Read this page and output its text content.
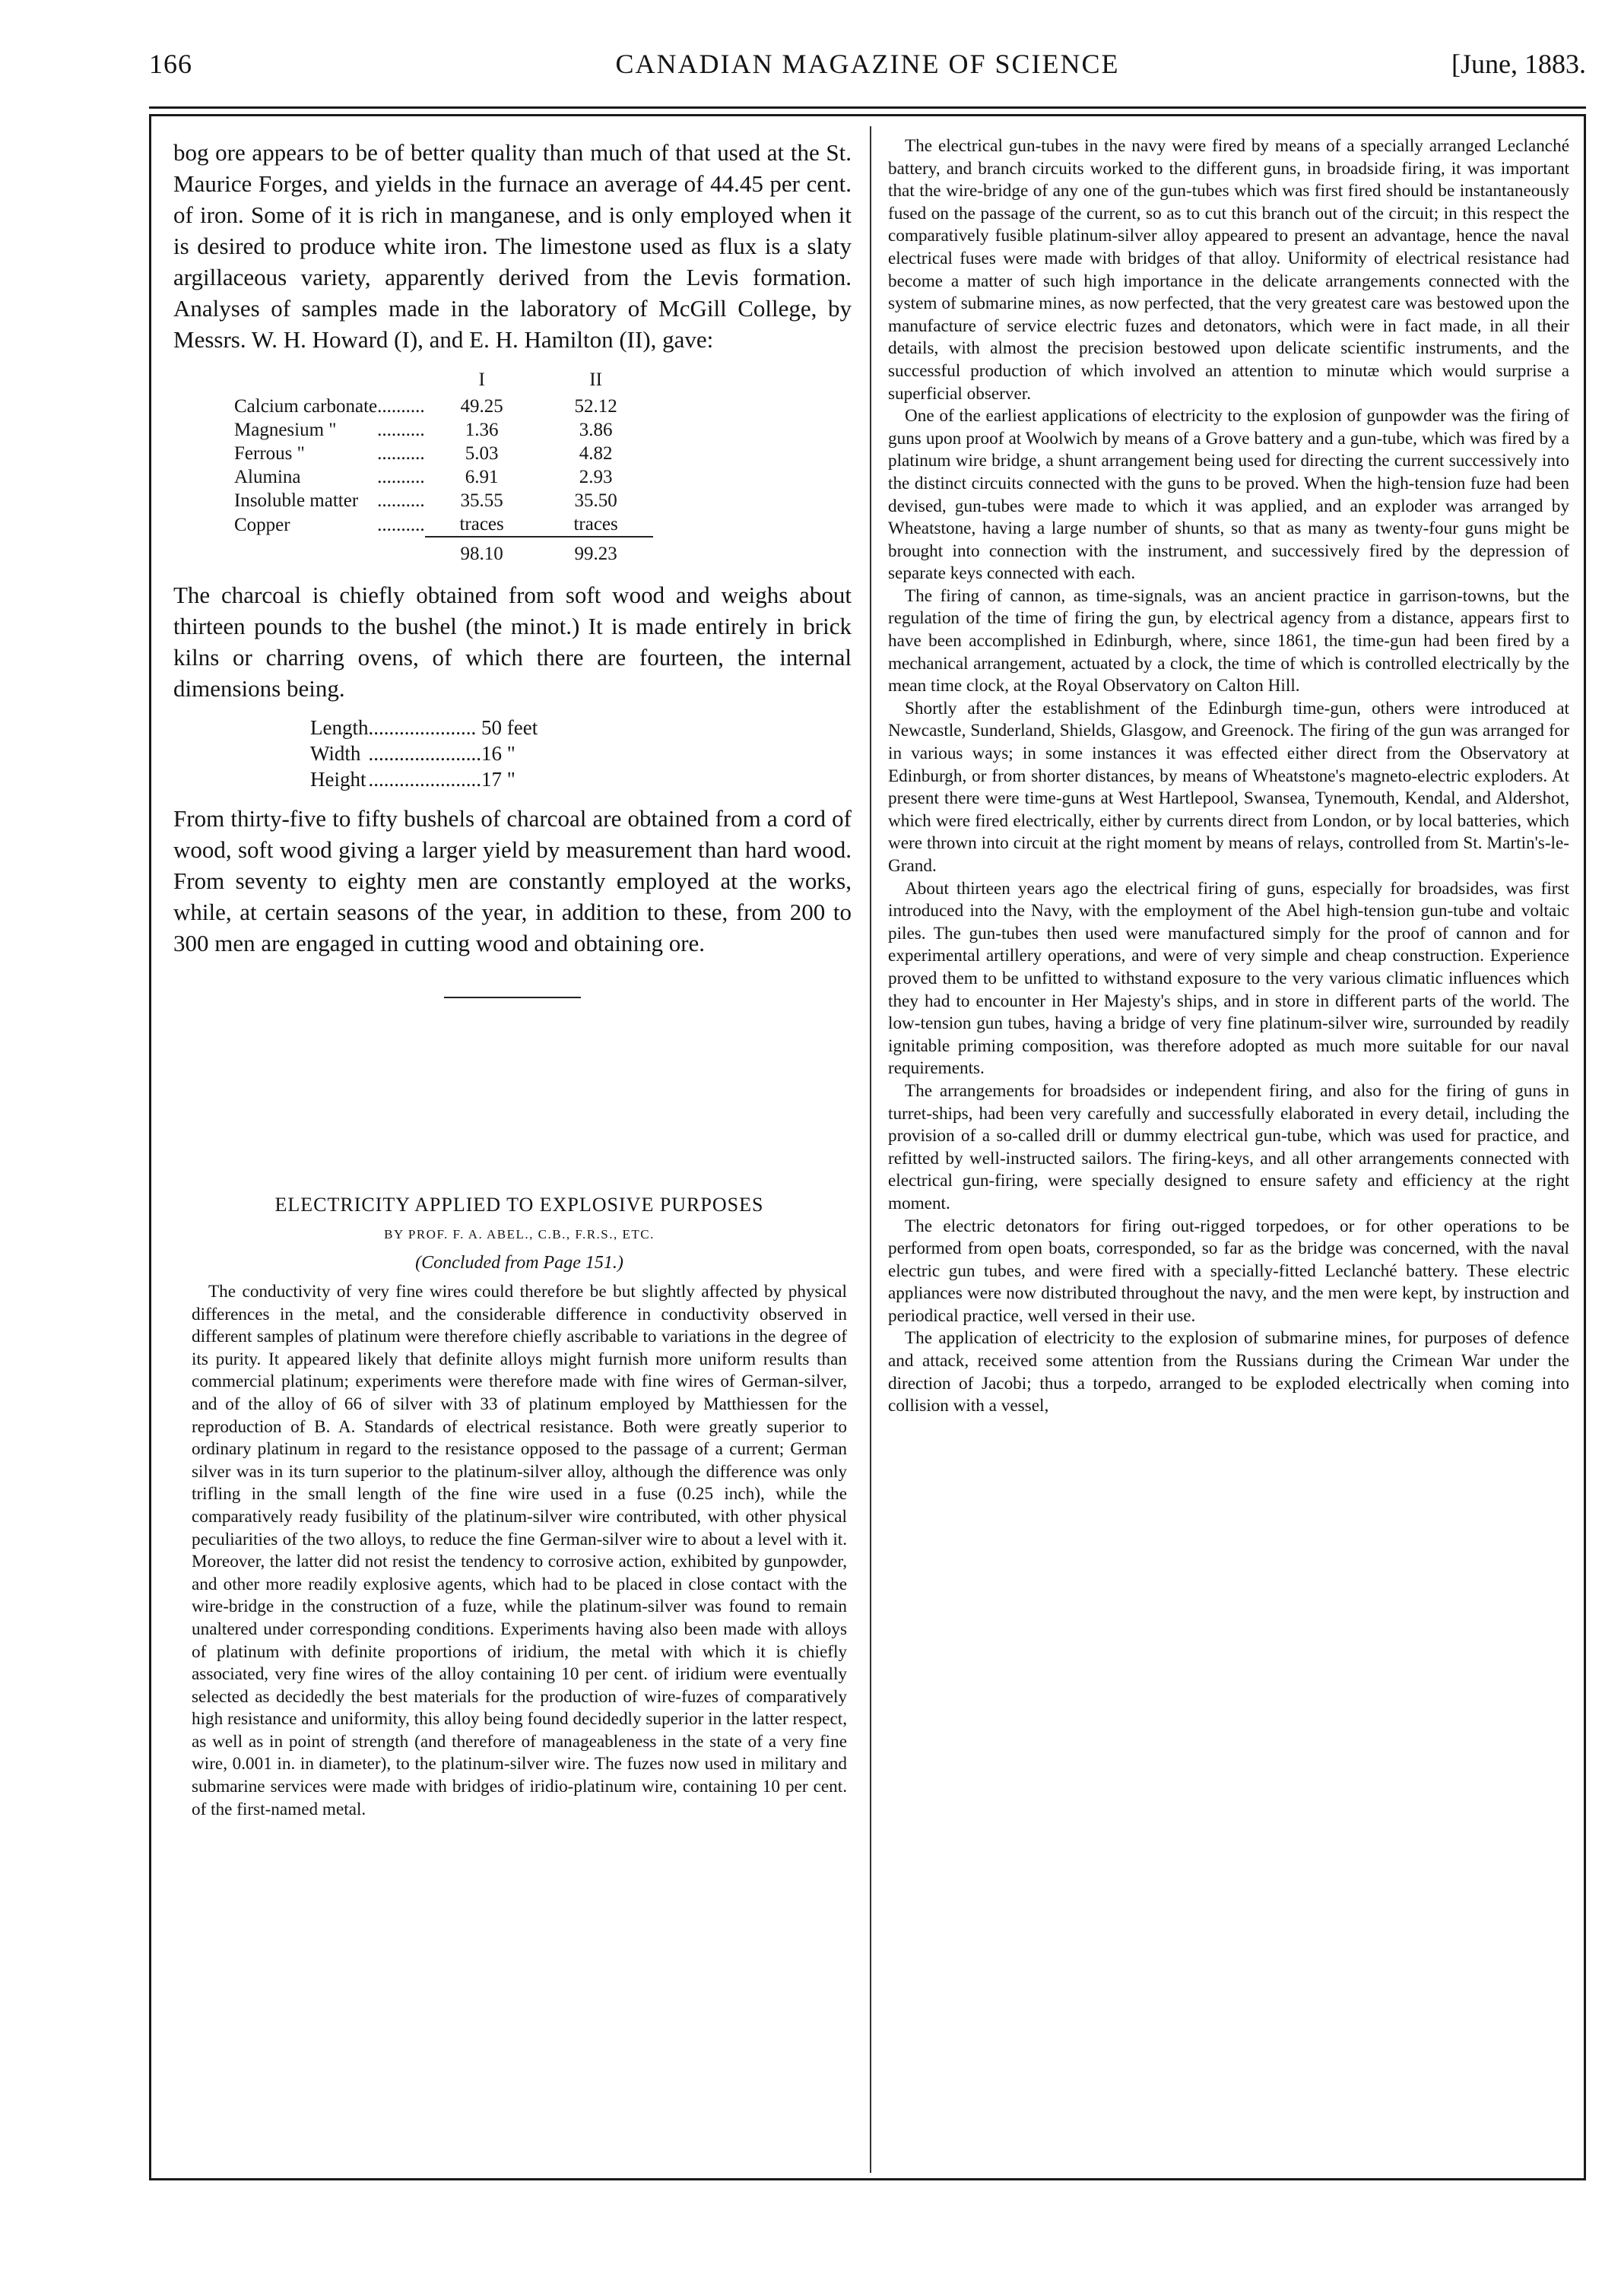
166	CANADIAN MAGAZINE OF SCIENCE	[June, 1883.

bog ore appears to be of better quality than much of that used at the St. Maurice Forges, and yields in the furnace an average of 44.45 per cent. of iron. Some of it is rich in manganese, and is only employed when it is desired to produce white iron. The limestone used as flux is a slaty argillaceous variety, apparently derived from the Levis formation. Analyses of samples made in the laboratory of McGill College, by Messrs. W. H. Howard (I), and E. H. Hamilton (II), gave:

		I	II
Calcium carbonate	..........	49.25	52.12
Magnesium "	..........	1.36	3.86
Ferrous "	..........	5.03	4.82
Alumina	..........	6.91	2.93
Insoluble matter	..........	35.55	35.50
Copper	..........	traces	traces
		98.10	99.23

The charcoal is chiefly obtained from soft wood and weighs about thirteen pounds to the bushel (the minot.) It is made entirely in brick kilns or charring ovens, of which there are fourteen, the internal dimensions being.

Length	.....................	50 feet
Width	......................	16 "
Height	......................	17 "

From thirty-five to fifty bushels of charcoal are obtained from a cord of wood, soft wood giving a larger yield by measurement than hard wood. From seventy to eighty men are constantly employed at the works, while, at certain seasons of the year, in addition to these, from 200 to 300 men are engaged in cutting wood and obtaining ore.

ELECTRICITY APPLIED TO EXPLOSIVE PURPOSES
BY PROF. F. A. ABEL., C.B., F.R.S., ETC.
(Concluded from Page 151.)

The conductivity of very fine wires could therefore be but slightly affected by physical differences in the metal, and the considerable difference in conductivity observed in different samples of platinum were therefore chiefly ascribable to variations in the degree of its purity. It appeared likely that definite alloys might furnish more uniform results than commercial platinum; experiments were therefore made with fine wires of German-silver, and of the alloy of 66 of silver with 33 of platinum employed by Matthiessen for the reproduction of B. A. Standards of electrical resistance. Both were greatly superior to ordinary platinum in regard to the resistance opposed to the passage of a current; German silver was in its turn superior to the platinum-silver alloy, although the difference was only trifling in the small length of the fine wire used in a fuse (0.25 inch), while the comparatively ready fusibility of the platinum-silver wire contributed, with other physical peculiarities of the two alloys, to reduce the fine German-silver wire to about a level with it. Moreover, the latter did not resist the tendency to corrosive action, exhibited by gunpowder, and other more readily explosive agents, which had to be placed in close contact with the wire-bridge in the construction of a fuze, while the platinum-silver was found to remain unaltered under corresponding conditions. Experiments having also been made with alloys of platinum with definite proportions of iridium, the metal with which it is chiefly associated, very fine wires of the alloy containing 10 per cent. of iridium were eventually selected as decidedly the best materials for the production of wire-fuzes of comparatively high resistance and uniformity, this alloy being found decidedly superior in the latter respect, as well as in point of strength (and therefore of manageableness in the state of a very fine wire, 0.001 in. in diameter), to the platinum-silver wire. The fuzes now used in military and submarine services were made with bridges of iridio-platinum wire, containing 10 per cent. of the first-named metal.

The electrical gun-tubes in the navy were fired by means of a specially arranged Leclanché battery, and branch circuits worked to the different guns, in broadside firing, it was important that the wire-bridge of any one of the gun-tubes which was first fired should be instantaneously fused on the passage of the current, so as to cut this branch out of the circuit; in this respect the comparatively fusible platinum-silver alloy appeared to present an advantage, hence the naval electrical fuses were made with bridges of that alloy. Uniformity of electrical resistance had become a matter of such high importance in the delicate arrangements connected with the system of submarine mines, as now perfected, that the very greatest care was bestowed upon the manufacture of service electric fuzes and detonators, which were in fact made, in all their details, with almost the precision bestowed upon delicate scientific instruments, and the successful production of which involved an attention to minutæ which would surprise a superficial observer.

One of the earliest applications of electricity to the explosion of gunpowder was the firing of guns upon proof at Woolwich by means of a Grove battery and a gun-tube, which was fired by a platinum wire bridge, a shunt arrangement being used for directing the current successively into the distinct circuits connected with the guns to be proved. When the high-tension fuze had been devised, gun-tubes were made to which it was applied, and an exploder was arranged by Wheatstone, having a large number of shunts, so that as many as twenty-four guns might be brought into connection with the instrument, and successively fired by the depression of separate keys connected with each.

The firing of cannon, as time-signals, was an ancient practice in garrison-towns, but the regulation of the time of firing the gun, by electrical agency from a distance, appears first to have been accomplished in Edinburgh, where, since 1861, the time-gun had been fired by a mechanical arrangement, actuated by a clock, the time of which is controlled electrically by the mean time clock, at the Royal Observatory on Calton Hill.

Shortly after the establishment of the Edinburgh time-gun, others were introduced at Newcastle, Sunderland, Shields, Glasgow, and Greenock. The firing of the gun was arranged for in various ways; in some instances it was effected either direct from the Observatory at Edinburgh, or from shorter distances, by means of Wheatstone's magneto-electric exploders. At present there were time-guns at West Hartlepool, Swansea, Tynemouth, Kendal, and Aldershot, which were fired electrically, either by currents direct from London, or by local batteries, which were thrown into circuit at the right moment by means of relays, controlled from St. Martin's-le-Grand.

About thirteen years ago the electrical firing of guns, especially for broadsides, was first introduced into the Navy, with the employment of the Abel high-tension gun-tube and voltaic piles. The gun-tubes then used were manufactured simply for the proof of cannon and for experimental artillery operations, and were of very simple and cheap construction. Experience proved them to be unfitted to withstand exposure to the very various climatic influences which they had to encounter in Her Majesty's ships, and in store in different parts of the world. The low-tension gun tubes, having a bridge of very fine platinum-silver wire, surrounded by readily ignitable priming composition, was therefore adopted as much more suitable for our naval requirements.

The arrangements for broadsides or independent firing, and also for the firing of guns in turret-ships, had been very carefully and successfully elaborated in every detail, including the provision of a so-called drill or dummy electrical gun-tube, which was used for practice, and refitted by well-instructed sailors. The firing-keys, and all other arrangements connected with electrical gun-firing, were specially designed to ensure safety and efficiency at the right moment.

The electric detonators for firing out-rigged torpedoes, or for other operations to be performed from open boats, corresponded, so far as the bridge was concerned, with the naval electric gun tubes, and were fired with a specially-fitted Leclanché battery. These electric appliances were now distributed throughout the navy, and the men were kept, by instruction and periodical practice, well versed in their use.

The application of electricity to the explosion of submarine mines, for purposes of defence and attack, received some attention from the Russians during the Crimean War under the direction of Jacobi; thus a torpedo, arranged to be exploded electrically when coming into collision with a vessel,
